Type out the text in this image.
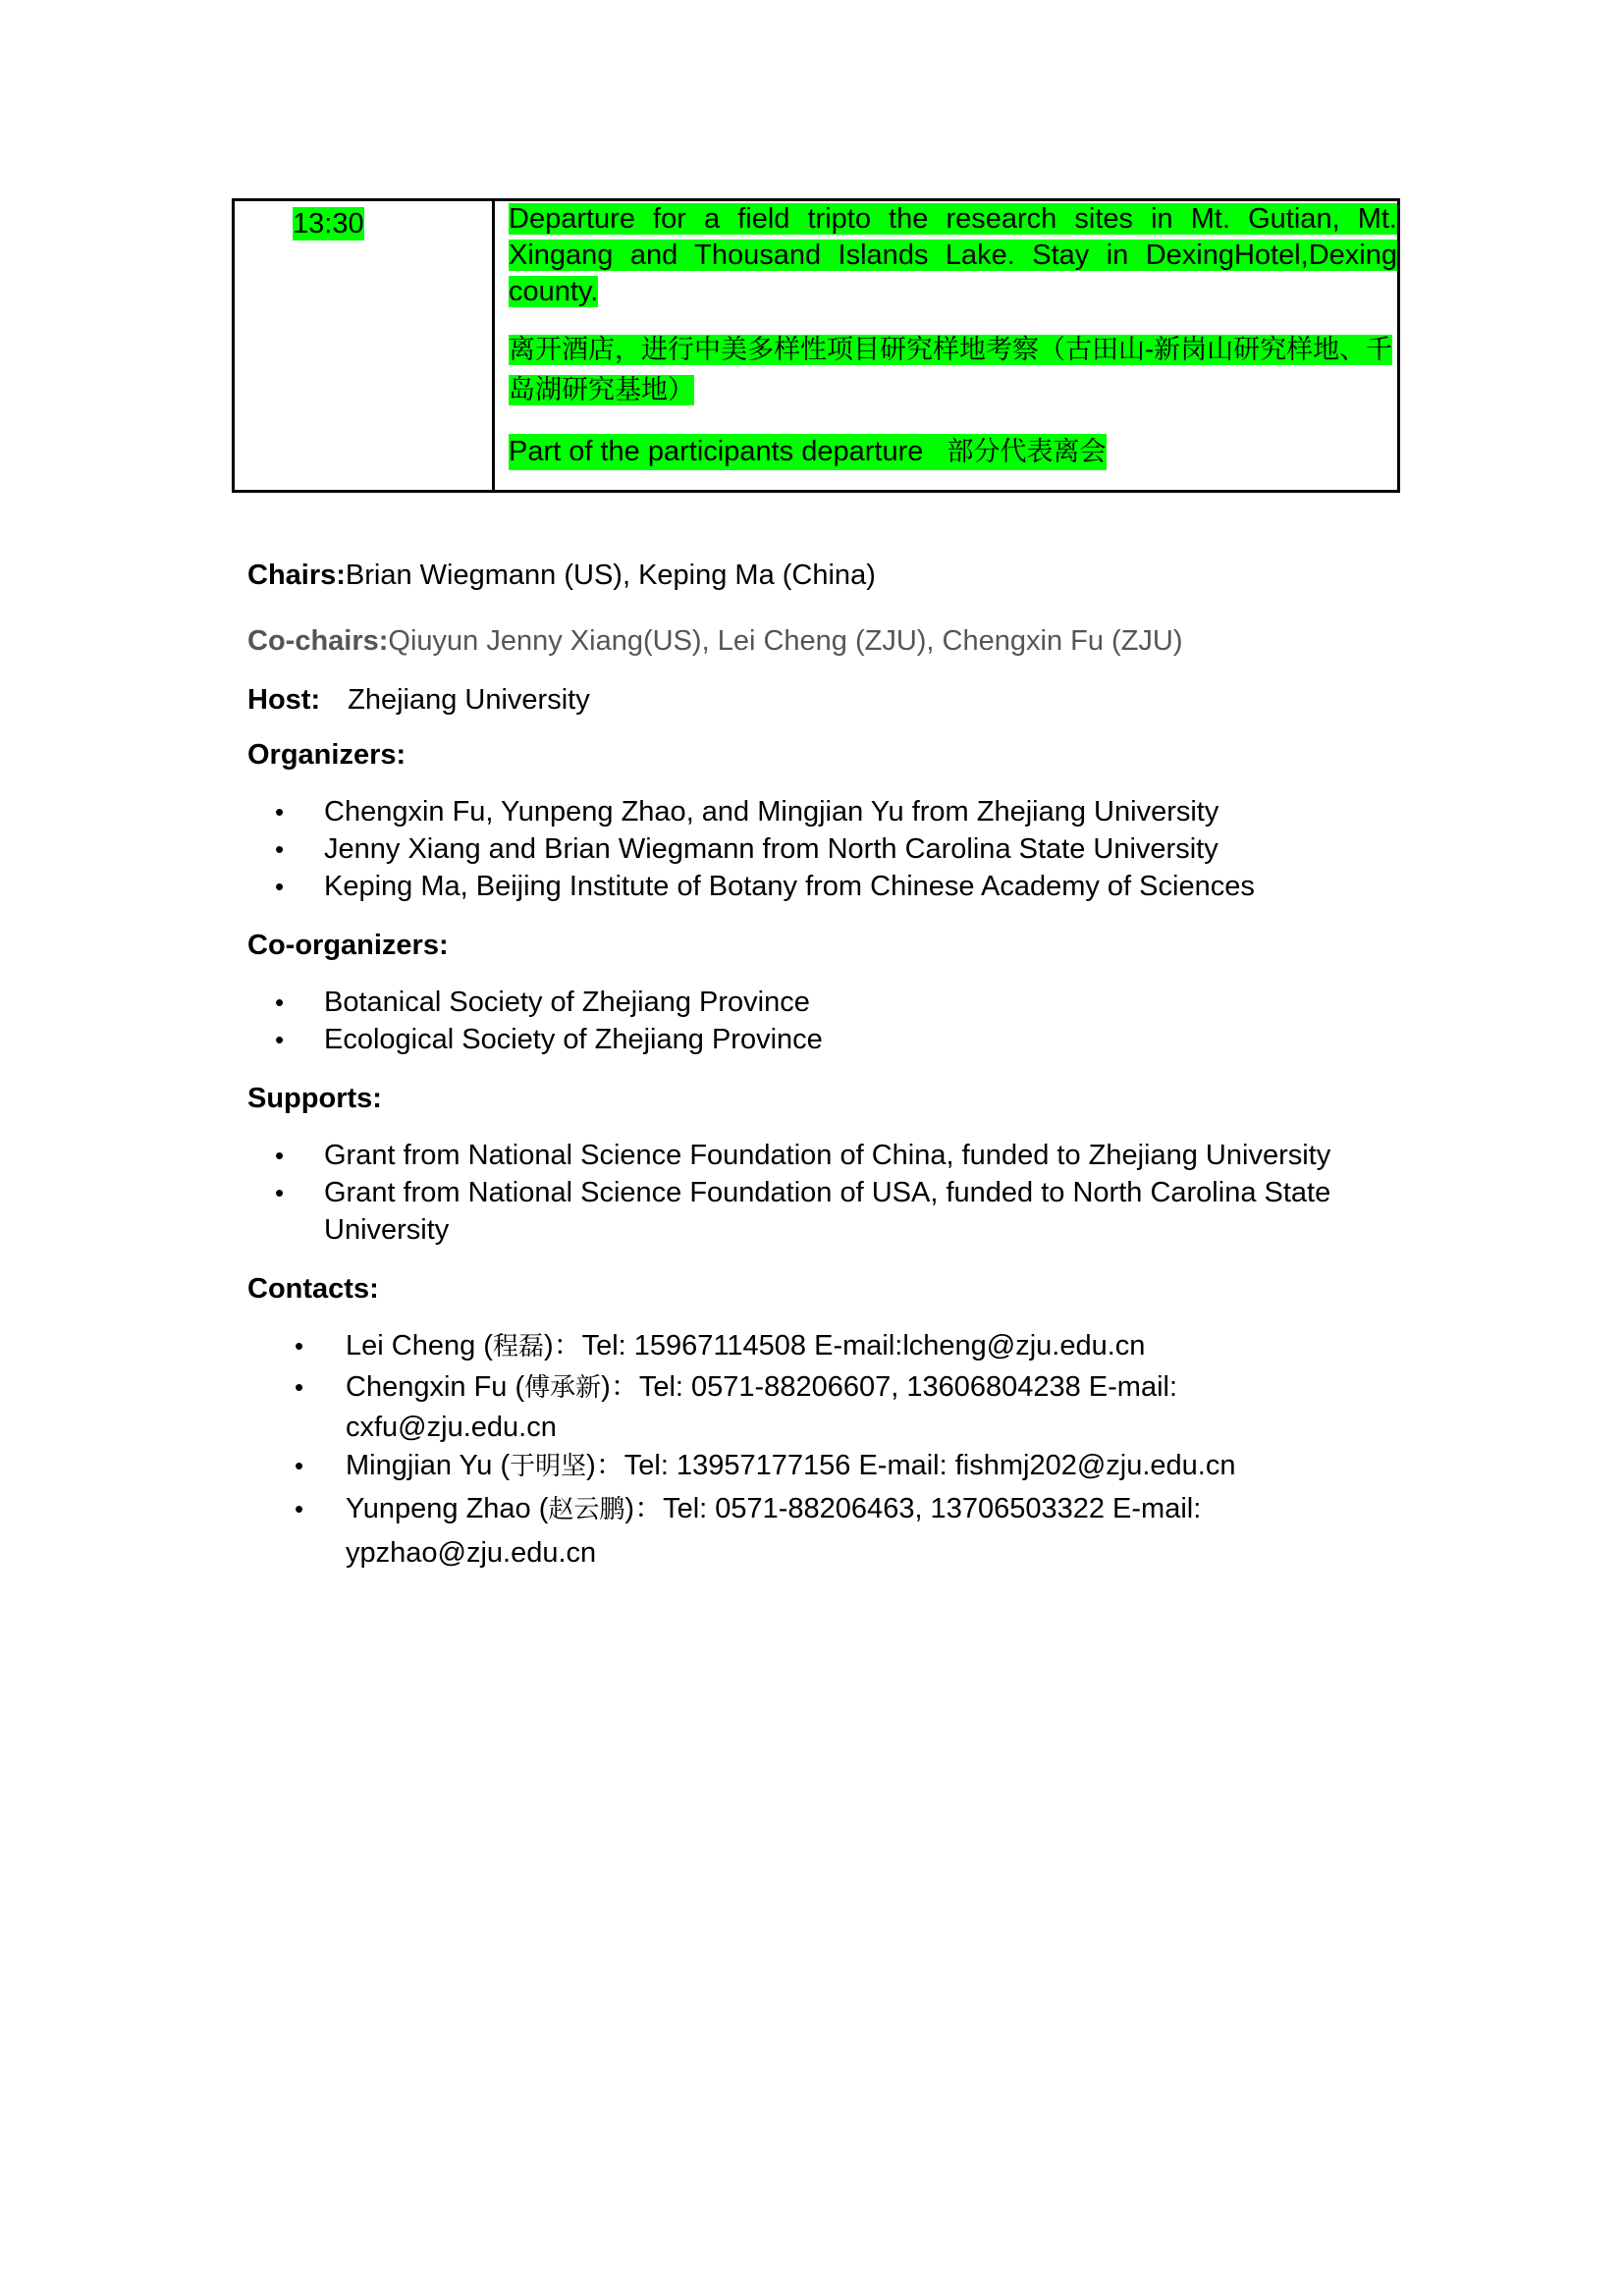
13:30	Departure for a field tripto the research sites in Mt. Gutian, Mt. Xingang and Thousand Islands Lake. Stay in DexingHotel,Dexing county.
离开酒店，进行中美多样性项目研究样地考察（古田山-新岗山研究样地、千岛湖研究基地）
Part of the participants departure 部分代表离会
Chairs:Brian Wiegmann (US), Keping Ma (China)
Co-chairs:Qiuyun Jenny Xiang(US), Lei Cheng (ZJU), Chengxin Fu (ZJU)
Host: Zhejiang University
Organizers:
• Chengxin Fu, Yunpeng Zhao, and Mingjian Yu from Zhejiang University
• Jenny Xiang and Brian Wiegmann from North Carolina State University
• Keping Ma, Beijing Institute of Botany from Chinese Academy of Sciences
Co-organizers:
• Botanical Society of Zhejiang Province
• Ecological Society of Zhejiang Province
Supports:
• Grant from National Science Foundation of China, funded to Zhejiang University
• Grant from National Science Foundation of USA, funded to North Carolina State University
Contacts:
• Lei Cheng (程磊)：Tel: 15967114508 E-mail:lcheng@zju.edu.cn
• Chengxin Fu (傅承新)：Tel: 0571-88206607, 13606804238 E-mail: cxfu@zju.edu.cn
• Mingjian Yu (于明坚)：Tel: 13957177156 E-mail: fishmj202@zju.edu.cn
• Yunpeng Zhao (赵云鹏)：Tel: 0571-88206463, 13706503322 E-mail: ypzhao@zju.edu.cn
